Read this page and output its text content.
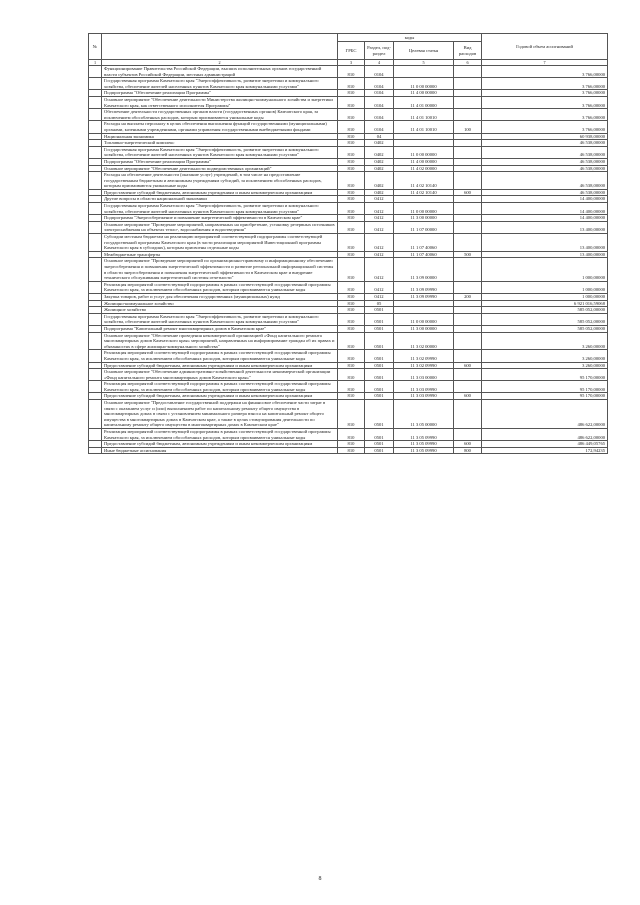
№		коды				Годовой объем ассигнований
		ГРБС	Раздел, под-раздел	Целевая статья	Вид расходов	
1	2	3	4	5	6	7
	Функционирование Правительства Российской Федерации, высших исполнительных органов государственной власти субъектов Российской Федерации, местных администраций	810	0104			3 766,00000
	Государственная программа Камчатского края "Энергоэффективность, развитие энергетики и коммунального хозяйства, обеспечение жителей населенных пунктов Камчатского края коммунальными услугами"	810	0104	11 0 00 00000		3 766,00000
	Подпрограмма "Обеспечение реализации Программы"	810	0104	11 4 00 00000		3 766,00000
	Основное мероприятие "Обеспечение деятельности Министерства жилищно-коммунального хозяйства и энергетики Камчатского края, как ответственного исполнителя Программы"	810	0104	11 4 01 00000		3 766,00000
	Обеспечение деятельности государственных органов власти (государственных органов) Камчатского края, за исключением обособленных расходов, которым присваиваются уникальные коды	810	0104	11 4 01 10010		3 766,00000
	Расходы на выплаты персоналу в целях обеспечения выполнения функций государственными (муниципальными) органами, казенными учреждениями, органами управления государственными внебюджетными фондами	810	0104	11 4 01 10010	100	3 766,00000
	Национальная экономика	810	04			60 938,00000
	Топливно-энергетический комплекс	810	0402			46 538,00000
	Государственная программа Камчатского края "Энергоэффективность, развитие энергетики и коммунального хозяйства, обеспечение жителей населенных пунктов Камчатского края коммунальными услугами"	810	0402	11 0 00 00000		46 538,00000
	Подпрограмма "Обеспечение реализации Программы"	810	0402	11 4 00 00000		46 538,00000
	Основное мероприятие "Обеспечение деятельности подведомственных организаций"	810	0402	11 4 02 00000		46 538,00000
	Расходы на обеспечение деятельности (оказание услуг) учреждений, в том числе на предоставление государственным бюджетным и автономным учреждениям субсидий, за исключением обособленных расходов, которым присваиваются уникальные коды	810	0402	11 4 02 10140		46 538,00000
	Предоставление субсидий бюджетным, автономным учреждениям и иным некоммерческим организациям	810	0402	11 4 02 10140	600	46 538,00000
	Другие вопросы в области национальной экономики	810	0412			14 400,00000
	Государственная программа Камчатского края "Энергоэффективность, развитие энергетики и коммунального хозяйства, обеспечение жителей населенных пунктов Камчатского края коммунальными услугами"	810	0412	11 0 00 00000		14 400,00000
	Подпрограмма "Энергосбережение и повышение энергетической эффективности в Камчатском крае"	810	0412	11 3 00 00000		14 400,00000
	Основное мероприятие "Проведение мероприятий, направленных на приобретение, установку резервных источников электроснабжения на объектах тепло-, водоснабжения и водоотведения"	810	0412	11 1 07 00000		13 400,00000
	Субсидии местным бюджетам на реализацию мероприятий соответствующей подпрограммы соответствующей государственной программы Камчатского края (в части реализации мероприятий Инвестиционной программы Камчатского края в субсидиях), которым присвоены отдельные коды	810	0412	11 1 07 40060		13 400,00000
	Межбюджетные трансферты	810	0412	11 1 07 40060	500	13 400,00000
	Основное мероприятие "Проведение мероприятий по организационно-правовому и информационному обеспечению энергосбережения и повышения энергетической эффективности и развитие региональной информационной системы в области энергосбережения и повышения энергетической эффективности в Камчатском крае и внедрение технического обслуживания энергетической системы отчетности"	810	0412	11 3 09 00000		1 000,00000
	Реализация мероприятий соответствующей подпрограммы в рамках соответствующей государственной программы Камчатского края, за исключением обособленных расходов, которым присваиваются уникальные коды	810	0412	11 3 09 09990		1 000,00000
	Закупка товаров, работ и услуг для обеспечения государственных (муниципальных) нужд	810	0412	11 3 09 09990	200	1 000,00000
	Жилищно-коммунальное хозяйство	810	05			6 921 016,59068
	Жилищное хозяйство	810	0501			585 052,00000
	Государственная программа Камчатского края "Энергоэффективность, развитие энергетики и коммунального хозяйства, обеспечение жителей населенных пунктов Камчатского края коммунальными услугами"	810	0501	11 0 00 00000		585 052,00000
	Подпрограмма "Капитальный ремонт многоквартирных домов в Камчатском крае"	810	0501	11 3 00 00000		585 052,00000
	Основное мероприятие "Обеспечение проведения некоммерческой организацией «Фонд капитального ремонта многоквартирных домов Камчатского края» мероприятий, направленных на информирование граждан об их правах и обязанностях в сфере жилищно-коммунального хозяйства"	810	0501	11 3 02 00000		3 260,00000
	Реализация мероприятий соответствующей подпрограммы в рамках соответствующей государственной программы Камчатского края, за исключением обособленных расходов, которым присваиваются уникальные коды	810	0501	11 3 02 09990		3 260,00000
	Предоставление субсидий бюджетным, автономным учреждениям и иным некоммерческим организациям	810	0501	11 3 02 09990	600	3 260,00000
	Основное мероприятие "Обеспечение административно-хозяйственной деятельности некоммерческой организации «Фонд капитального ремонта многоквартирных домов Камчатского края»"	810	0501	11 3 03 00000		95 170,00000
	Реализация мероприятий соответствующей подпрограммы в рамках соответствующей государственной программы Камчатского края, за исключением обособленных расходов, которым присваиваются уникальные коды	810	0501	11 3 03 09990		95 170,00000
	Предоставление субсидий бюджетным, автономным учреждениям и иным некоммерческим организациям	810	0501	11 3 03 09990	600	95 170,00000
	Основное мероприятие "Предоставление государственной поддержки на финансовое обеспечение части затрат в связи с оказанием услуг и (или) выполнением работ по капитальному ремонту общего имущества в многоквартирных домах в связи с установлением минимального размера взноса на капитальный ремонт общего имущества в многоквартирных домах в Камчатском крае, а также в целях стимулирования деятельности по капитальному ремонту общего имущества в многоквартирных домах в Камчатском крае"	810	0501	11 3 05 00000		486 622,00000
	Реализация мероприятий соответствующей подпрограммы в рамках соответствующей государственной программы Камчатского края, за исключением обособленных расходов, которым присваиваются уникальные коды	810	0501	11 3 05 09990		486 622,00000
	Предоставление субсидий бюджетным, автономным учреждениям и иным некоммерческим организациям	810	0501	11 3 05 09990	600	486 449,05765
	Иные бюджетные ассигнования	810	0501	11 3 05 09990	800	172,94235
8
